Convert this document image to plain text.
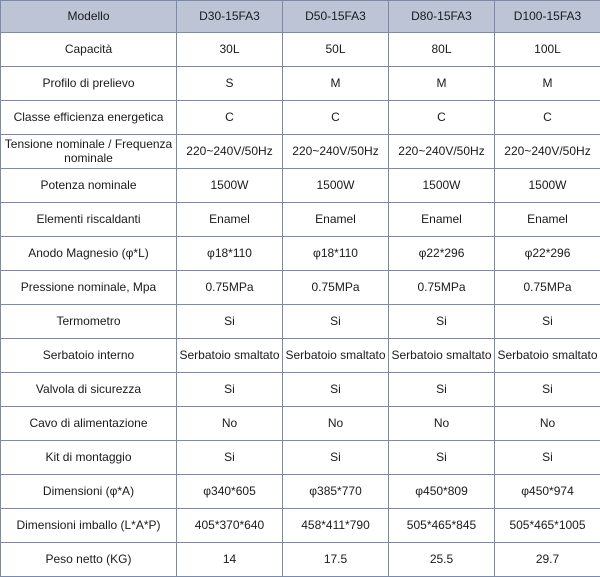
Modello	D30-15FA3	D50-15FA3	D80-15FA3	D100-15FA3
Capacità	30L	50L	80L	100L
Profilo di prelievo	S	M	M	M
Classe efficienza energetica	C	C	C	C
Tensione nominale / Frequenza nominale	220~240V/50Hz	220~240V/50Hz	220~240V/50Hz	220~240V/50Hz
Potenza nominale	1500W	1500W	1500W	1500W
Elementi riscaldanti	Enamel	Enamel	Enamel	Enamel
Anodo Magnesio (φ*L)	φ18*110	φ18*110	φ22*296	φ22*296
Pressione nominale, Mpa	0.75MPa	0.75MPa	0.75MPa	0.75MPa
Termometro	Si	Si	Si	Si
Serbatoio interno	Serbatoio smaltato	Serbatoio smaltato	Serbatoio smaltato	Serbatoio smaltato
Valvola di sicurezza	Si	Si	Si	Si
Cavo di alimentazione	No	No	No	No
Kit di montaggio	Si	Si	Si	Si
Dimensioni (φ*A)	φ340*605	φ385*770	φ450*809	φ450*974
Dimensioni imballo (L*A*P)	405*370*640	458*411*790	505*465*845	505*465*1005
Peso netto (KG)	14	17.5	25.5	29.7
